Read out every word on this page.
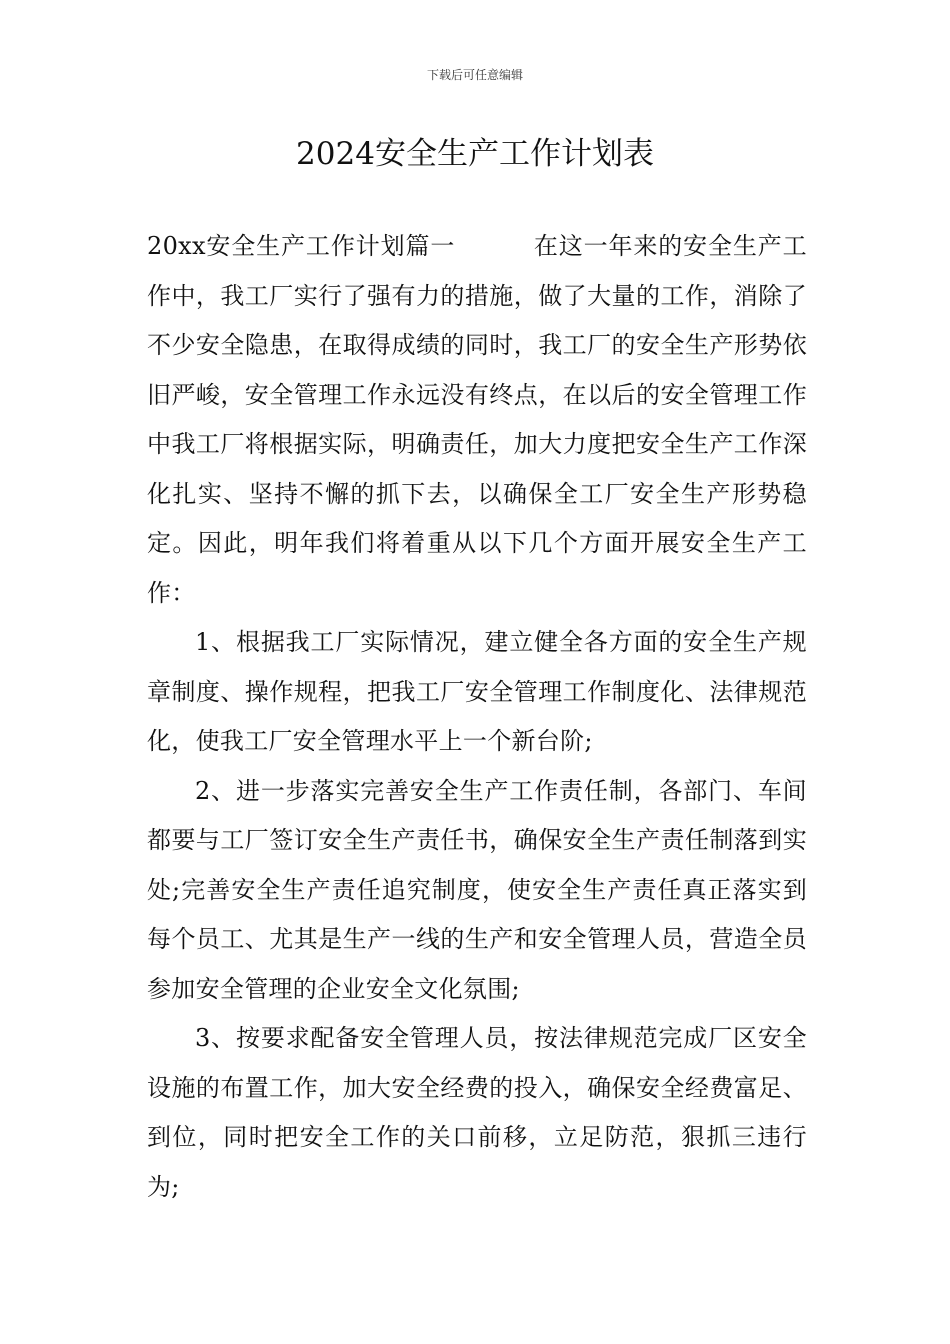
下载后可任意编辑
2024安全生产工作计划表

20xx安全生产工作计划篇一	在这一年来的安全生产工作中，我工厂实行了强有力的措施，做了大量的工作，消除了不少安全隐患，在取得成绩的同时，我工厂的安全生产形势依旧严峻，安全管理工作永远没有终点，在以后的安全管理工作中我工厂将根据实际，明确责任，加大力度把安全生产工作深化扎实、坚持不懈的抓下去，以确保全工厂安全生产形势稳定。因此，明年我们将着重从以下几个方面开展安全生产工作：

1、根据我工厂实际情况，建立健全各方面的安全生产规章制度、操作规程，把我工厂安全管理工作制度化、法律规范化，使我工厂安全管理水平上一个新台阶;

2、进一步落实完善安全生产工作责任制，各部门、车间都要与工厂签订安全生产责任书，确保安全生产责任制落到实处;完善安全生产责任追究制度，使安全生产责任真正落实到每个员工、尤其是生产一线的生产和安全管理人员，营造全员参加安全管理的企业安全文化氛围;

3、按要求配备安全管理人员，按法律规范完成厂区安全设施的布置工作，加大安全经费的投入，确保安全经费富足、到位，同时把安全工作的关口前移，立足防范，狠抓三违行为;
